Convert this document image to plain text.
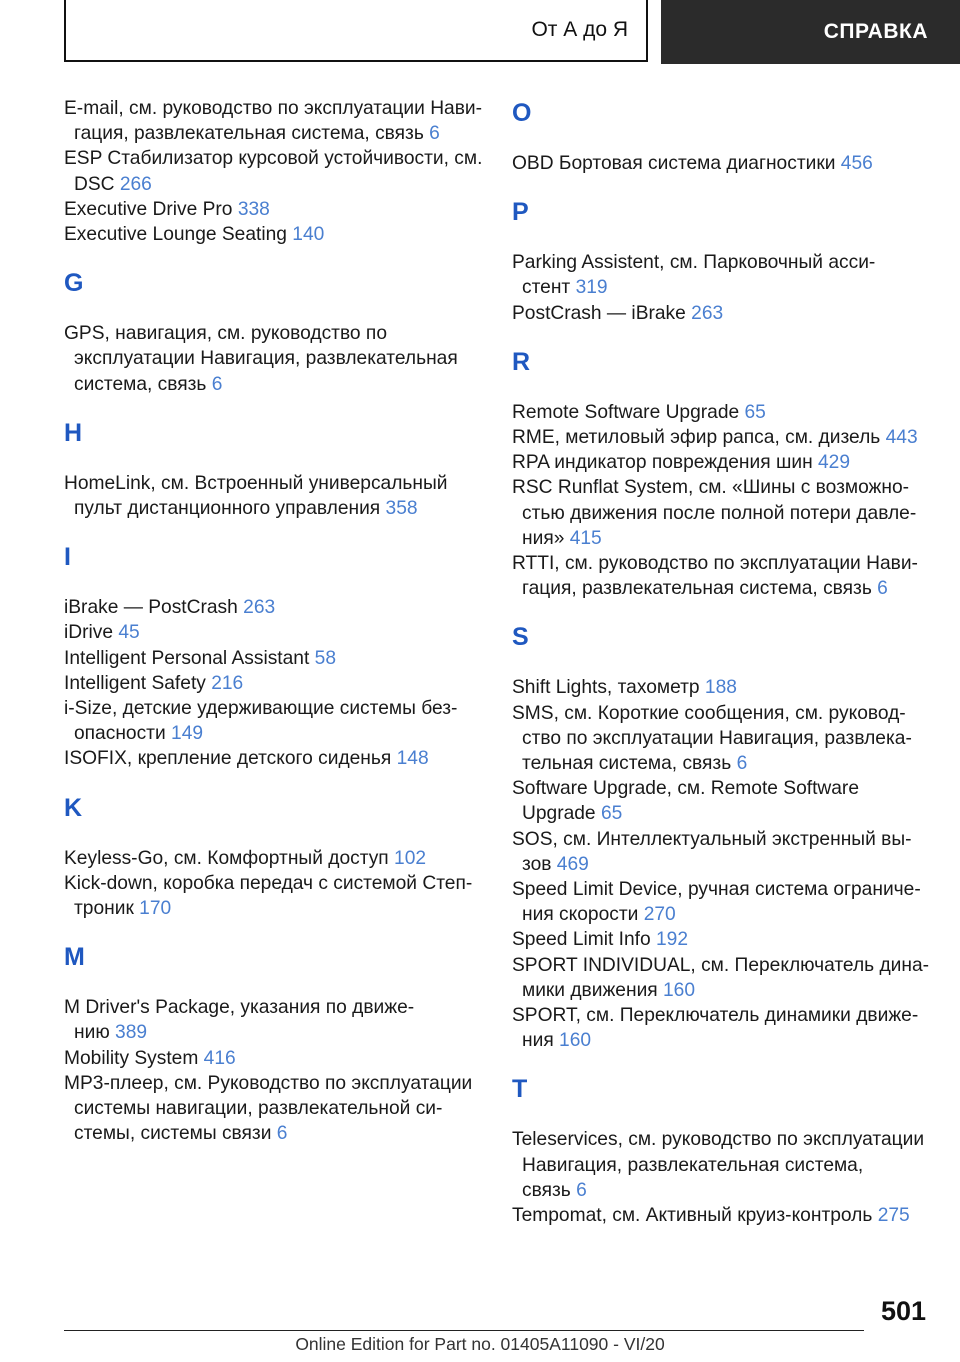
От А до Я	СПРАВКА

E-mail, см. руководство по эксплуатации Нави-
гация, развлекательная система, связь 6

ESP Стабилизатор курсовой устойчивости, см.
DSC 266

Executive Drive Pro 338

Executive Lounge Seating 140

G

GPS, навигация, см. руководство по
эксплуатации Навигация, развлекательная
система, связь 6

H

HomeLink, см. Встроенный универсальный
пульт дистанционного управления 358

I

iBrake — PostCrash 263

iDrive 45

Intelligent Personal Assistant 58

Intelligent Safety 216

i-Size, детские удерживающие системы без-
опасности 149

ISOFIX, крепление детского сиденья 148

K

Keyless-Go, см. Комфортный доступ 102

Kick-down, коробка передач с системой Степ-
троник 170

M

M Driver's Package, указания по движе-
нию 389

Mobility System 416

MP3-плеер, см. Руководство по эксплуатации
системы навигации, развлекательной си-
стемы, системы связи 6

O

OBD Бортовая система диагностики 456

P

Parking Assistent, см. Парковочный асси-
стент 319

PostCrash — iBrake 263

R

Remote Software Upgrade 65

RME, метиловый эфир рапса, см. дизель 443

RPA индикатор повреждения шин 429

RSC Runflat System, см. «Шины с возможно-
стью движения после полной потери давле-
ния» 415

RTTI, см. руководство по эксплуатации Нави-
гация, развлекательная система, связь 6

S

Shift Lights, тахометр 188

SMS, см. Короткие сообщения, см. руковод-
ство по эксплуатации Навигация, развлека-
тельная система, связь 6

Software Upgrade, см. Remote Software
Upgrade 65

SOS, см. Интеллектуальный экстренный вы-
зов 469

Speed Limit Device, ручная система ограниче-
ния скорости 270

Speed Limit Info 192

SPORT INDIVIDUAL, см. Переключатель дина-
мики движения 160

SPORT, см. Переключатель динамики движе-
ния 160

T

Teleservices, см. руководство по эксплуатации
Навигация, развлекательная система,
связь 6

Tempomat, см. Активный круиз-контроль 275

501
Online Edition for Part no. 01405A11090 - VI/20
